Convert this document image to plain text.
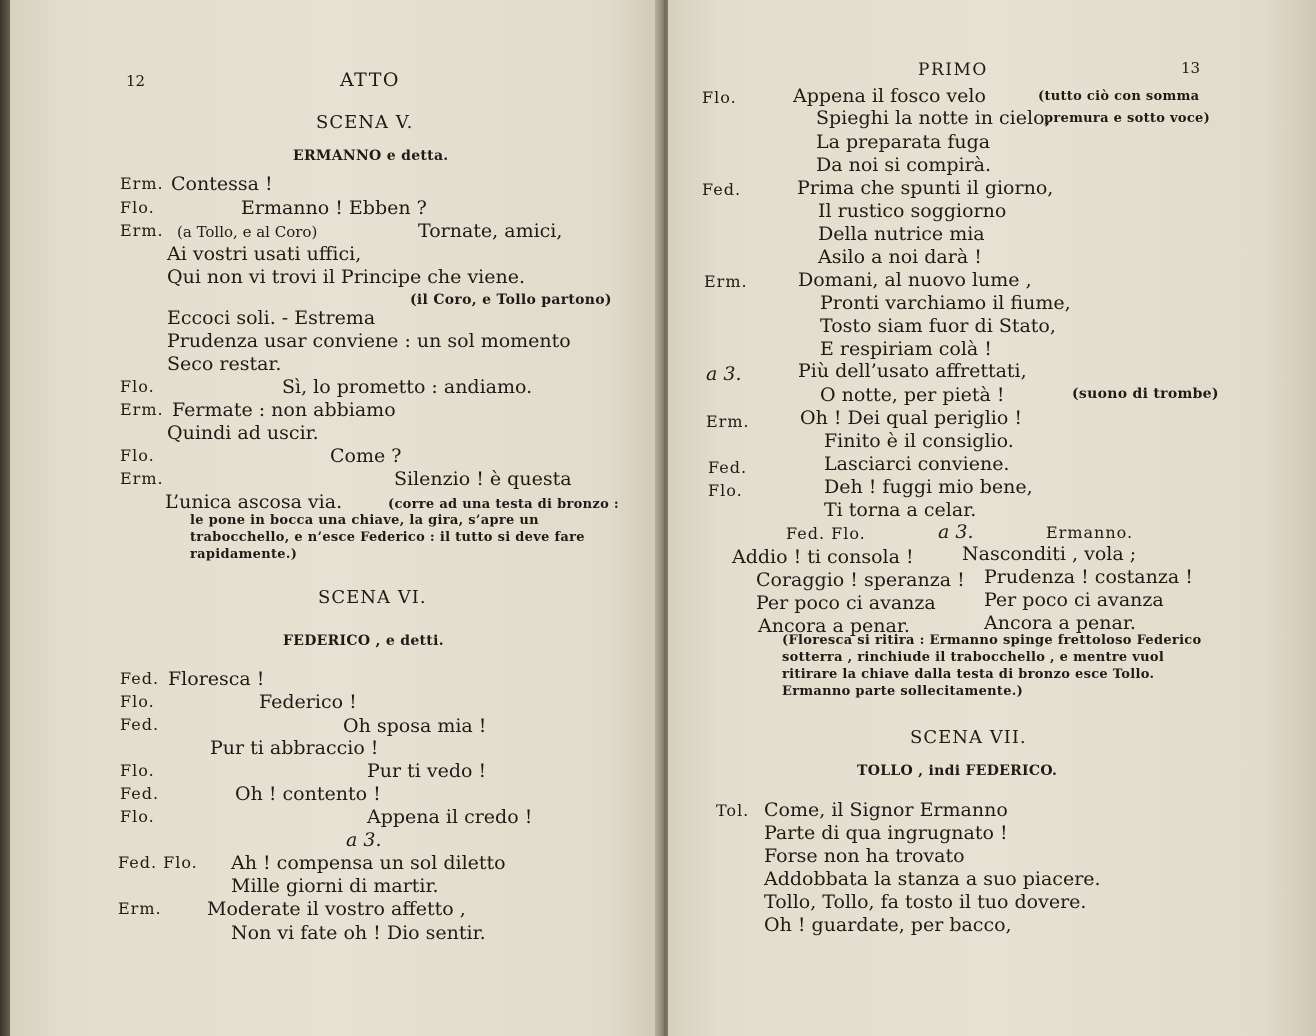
12	ATTO
SCENA V.
ERMANNO e detta.
Erm. Contessa !
Flo.	Ermanno ! Ebben ?
Erm. (a Tollo, e al Coro)	Tornate, amici,
Ai vostri usati uffici,
Qui non vi trovi il Principe che viene.
(il Coro, e Tollo partono)
Eccoci soli. - Estrema
Prudenza usar conviene : un sol momento
Seco restar.
Flo.	Sì, lo prometto : andiamo.
Erm. Fermate : non abbiamo
Quindi ad uscir.
Flo.	Come ?
Erm.	Silenzio ! è questa
L’unica ascosa via.	(corre ad una testa di bronzo :
le pone in bocca una chiave, la gira, s’apre un trabocchello, e n’esce Federico : il tutto si deve fare rapidamente.)
SCENA VI.
FEDERICO , e detti.
Fed. Floresca !
Flo.	Federico !
Fed.	Oh sposa mia !
Pur ti abbraccio !
Flo.	Pur ti vedo !
Fed.	Oh ! contento !
Flo.	Appena il credo !
a 3.
Fed. Flo. Ah ! compensa un sol diletto
Mille giorni di martir.
Erm. Moderate il vostro affetto ,
Non vi fate oh ! Dio sentir.
PRIMO	13
Flo.	Appena il fosco velo	(tutto ciò con somma
Spieghi la notte in cielo,
premura e sotto voce)
La preparata fuga
Da noi si compirà.
Fed.	Prima che spunti il giorno,
Il rustico soggiorno
Della nutrice mia
Asilo a noi darà !
Erm.	Domani, al nuovo lume ,
Pronti varchiamo il fiume,
Tosto siam fuor di Stato,
E respiriam colà !
a 3.	Più dell’usato affrettati,
O notte, per pietà !	(suono di trombe)
Erm.	Oh ! Dei qual periglio !
Finito è il consiglio.
Fed.	Lasciarci conviene.
Flo.	Deh ! fuggi mio bene,
Ti torna a celar.
Fed. Flo.	a 3.	Ermanno.
Addio ! ti consola !	Nasconditi , vola ;
Coraggio ! speranza ! Prudenza ! costanza !
Per poco ci avanza	Per poco ci avanza
Ancora a penar.	Ancora a penar.
(Floresca si ritira : Ermanno spinge frettoloso Federico sotterra , rinchiude il trabocchello , e mentre vuol ritirare la chiave dalla testa di bronzo esce Tollo. Ermanno parte sollecitamente.)
SCENA VII.
TOLLO , indi FEDERICO.
Tol. Come, il Signor Ermanno
Parte di qua ingrugnato !
Forse non ha trovato
Addobbata la stanza a suo piacere.
Tollo, Tollo, fa tosto il tuo dovere.
Oh ! guardate, per bacco,
